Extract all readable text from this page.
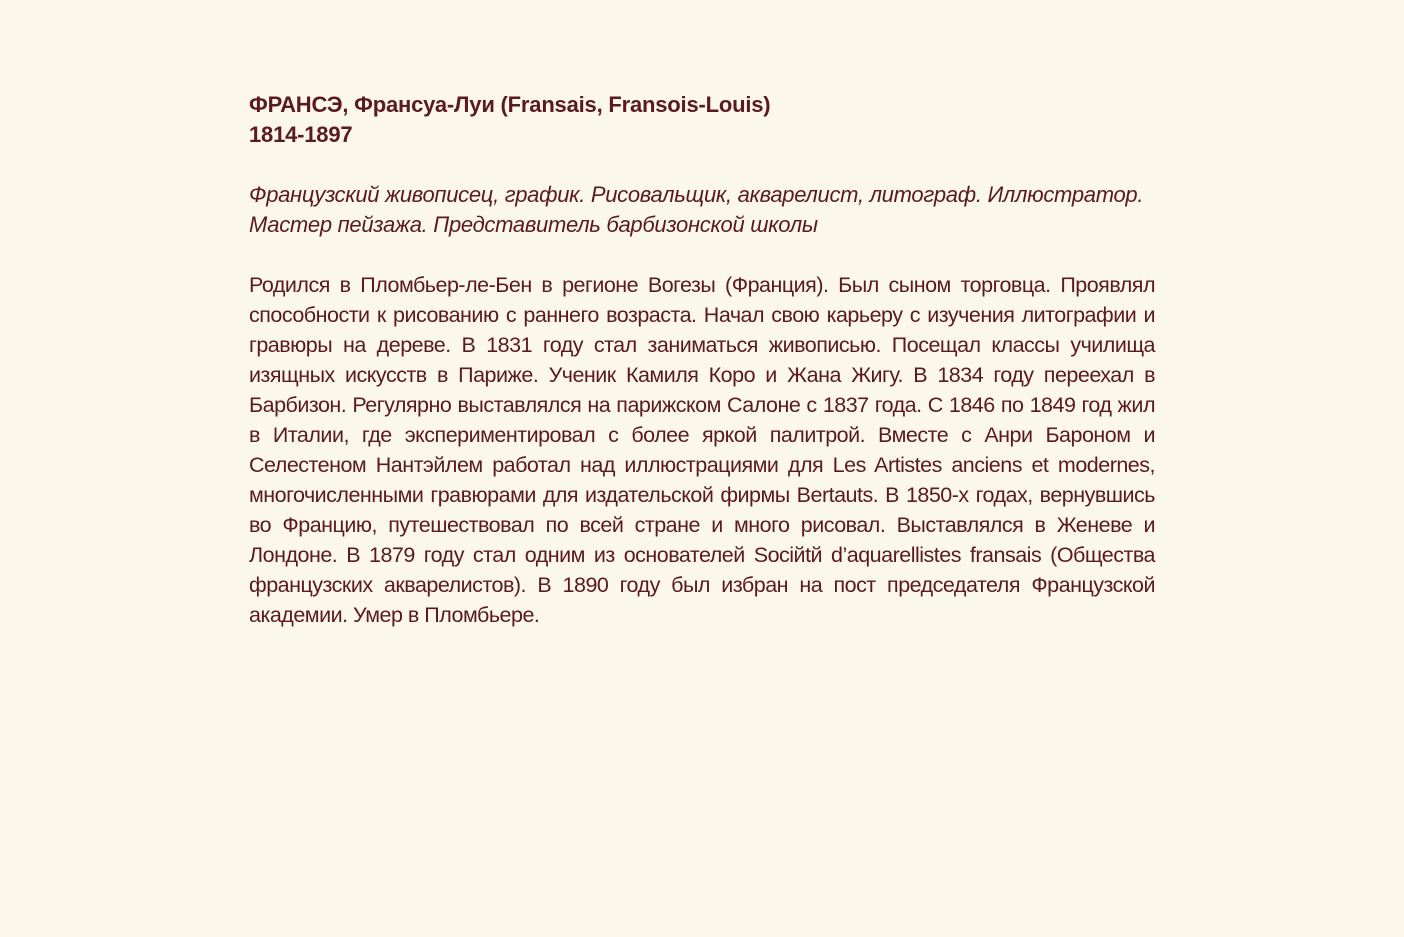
ФРАНСЭ, Франсуа-Луи (Fransais, Fransois-Louis)
1814-1897

Французский живописец, график. Рисовальщик, акварелист, литограф. Иллюстратор.
Мастер пейзажа. Представитель барбизонской школы

Родился в Пломбьер-ле-Бен в регионе Вогезы (Франция). Был сыном торговца. Проявлял способности к рисованию с раннего возраста. Начал свою карьеру с изучения литографии и гравюры на дереве. В 1831 году стал заниматься живописью. Посещал классы училища изящных искусств в Париже. Ученик Камиля Коро и Жана Жигу. В 1834 году переехал в Барбизон. Регулярно выставлялся на парижском Салоне с 1837 года. С 1846 по 1849 год жил в Италии, где экспериментировал с более яркой палитрой. Вместе с Анри Бароном и Селестеном Нантэйлем работал над иллюстрациями для Les Artistes anciens et modernes, многочисленными гравюрами для издательской фирмы Bertauts. В 1850-х годах, вернувшись во Францию, путешествовал по всей стране и много рисовал. Выставлялся в Женеве и Лондоне. В 1879 году стал одним из основателей Socійtй d’aquarellistes fransais (Общества французских акварелистов). В 1890 году был избран на пост председателя Французской академии. Умер в Пломбьере.
